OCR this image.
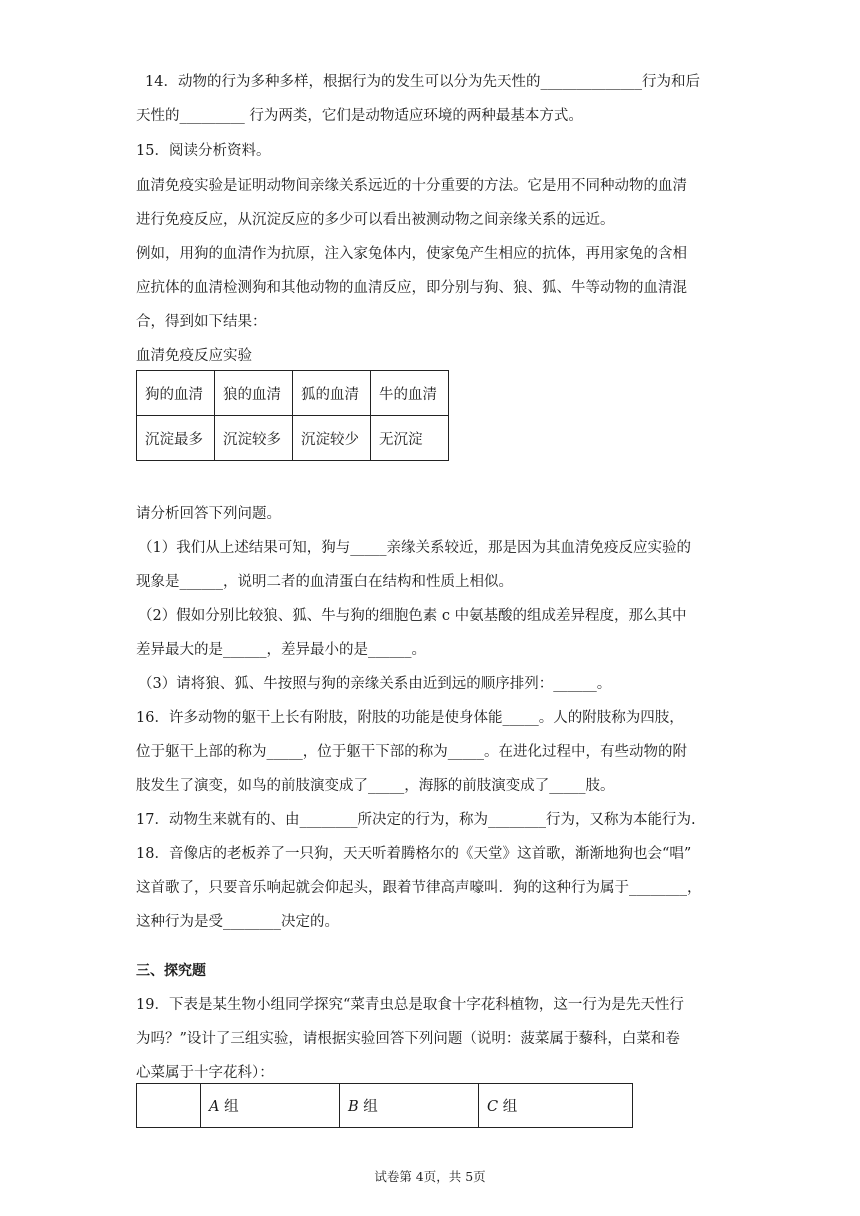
14．动物的行为多种多样，根据行为的发生可以分为先天性的______________行为和后
天性的_________ 行为两类，它们是动物适应环境的两种最基本方式。
15．阅读分析资料。
血清免疫实验是证明动物间亲缘关系远近的十分重要的方法。它是用不同种动物的血清
进行免疫反应，从沉淀反应的多少可以看出被测动物之间亲缘关系的远近。
例如，用狗的血清作为抗原，注入家兔体内，使家兔产生相应的抗体，再用家兔的含相
应抗体的血清检测狗和其他动物的血清反应，即分别与狗、狼、狐、牛等动物的血清混
合，得到如下结果：
血清免疫反应实验
狗的血清	狼的血清	狐的血清	牛的血清
沉淀最多	沉淀较多	沉淀较少	无沉淀
请分析回答下列问题。
（1）我们从上述结果可知，狗与_____亲缘关系较近，那是因为其血清免疫反应实验的
现象是______，说明二者的血清蛋白在结构和性质上相似。
（2）假如分别比较狼、狐、牛与狗的细胞色素 c 中氨基酸的组成差异程度，那么其中
差异最大的是______，差异最小的是______。
（3）请将狼、狐、牛按照与狗的亲缘关系由近到远的顺序排列：______。
16．许多动物的躯干上长有附肢，附肢的功能是使身体能_____。人的附肢称为四肢，
位于躯干上部的称为_____，位于躯干下部的称为_____。在进化过程中，有些动物的附
肢发生了演变，如鸟的前肢演变成了_____，海豚的前肢演变成了_____肢。
17．动物生来就有的、由________所决定的行为，称为________行为，又称为本能行为.
18．音像店的老板养了一只狗，天天听着腾格尔的《天堂》这首歌，渐渐地狗也会“唱”
这首歌了，只要音乐响起就会仰起头，跟着节律高声嚎叫．狗的这种行为属于________，
这种行为是受________决定的。
三、探究题
19．下表是某生物小组同学探究“菜青虫总是取食十字花科植物，这一行为是先天性行
为吗？”设计了三组实验，请根据实验回答下列问题（说明：菠菜属于藜科，白菜和卷
心菜属于十字花科）：
	A 组	B 组	C 组
试卷第 4页，共 5页
